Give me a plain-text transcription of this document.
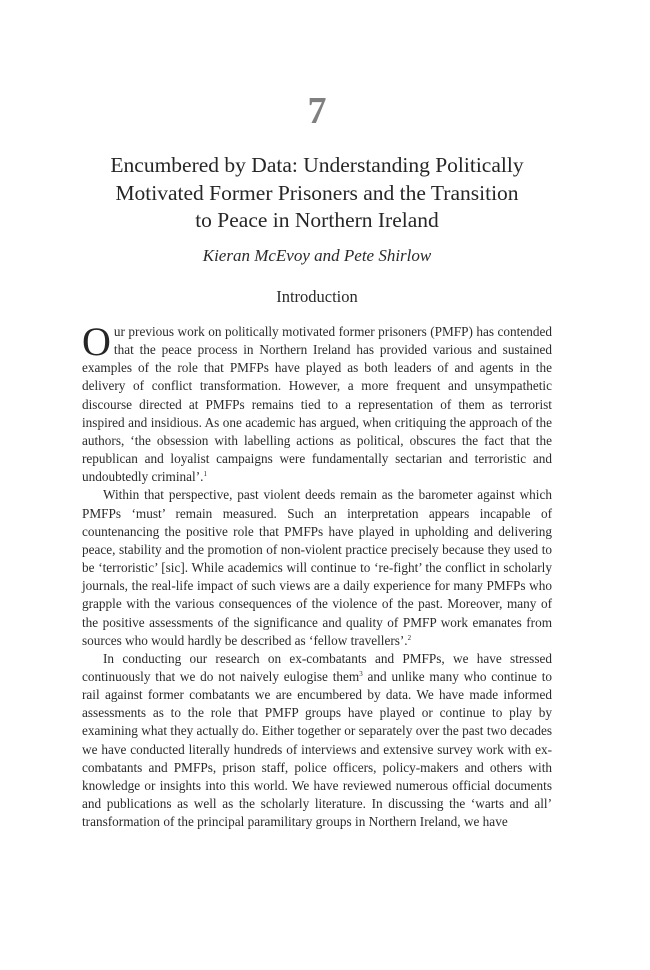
7
Encumbered by Data: Understanding Politically
Motivated Former Prisoners and the Transition
to Peace in Northern Ireland
Kieran McEvoy and Pete Shirlow
Introduction

Our previous work on politically motivated former prisoners (PMFP) has contended that the peace process in Northern Ireland has provided various and sustained examples of the role that PMFPs have played as both leaders of and agents in the delivery of conflict transformation. However, a more frequent and unsympathetic discourse directed at PMFPs remains tied to a representation of them as terrorist inspired and insidious. As one academic has argued, when critiquing the approach of the authors, ‘the obsession with labelling actions as political, obscures the fact that the republican and loyalist campaigns were fundamentally sectarian and terroristic and undoubtedly criminal’.$^1$

Within that perspective, past violent deeds remain as the barometer against which PMFPs ‘must’ remain measured. Such an interpretation appears incapable of countenancing the positive role that PMFPs have played in upholding and delivering peace, stability and the promotion of non-violent practice precisely because they used to be ‘terroristic’ [sic]. While academics will continue to ‘re-fight’ the conflict in scholarly journals, the real-life impact of such views are a daily experience for many PMFPs who grapple with the various consequences of the violence of the past. Moreover, many of the positive assessments of the significance and quality of PMFP work emanates from sources who would hardly be described as ‘fellow travellers’.$^2$

In conducting our research on ex-combatants and PMFPs, we have stressed continuously that we do not naively eulogise them$^3$ and unlike many who continue to rail against former combatants we are encumbered by data. We have made informed assessments as to the role that PMFP groups have played or continue to play by examining what they actually do. Either together or separately over the past two decades we have conducted literally hundreds of interviews and extensive survey work with ex-combatants and PMFPs, prison staff, police officers, policy-makers and others with knowledge or insights into this world. We have reviewed numerous official documents and publications as well as the scholarly literature. In discussing the ‘warts and all’ transformation of the principal paramilitary groups in Northern Ireland, we have
